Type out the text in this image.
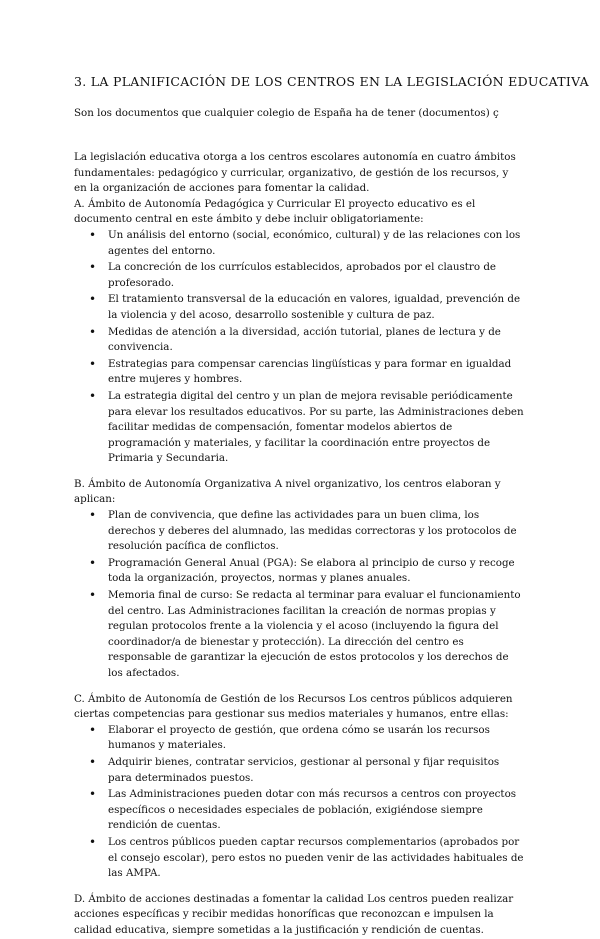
3. LA PLANIFICACIÓN DE LOS CENTROS EN LA LEGISLACIÓN EDUCATIVA

Son los documentos que cualquier colegio de España ha de tener (documentos) ç

La legislación educativa otorga a los centros escolares autonomía en cuatro ámbitos fundamentales: pedagógico y curricular, organizativo, de gestión de los recursos, y en la organización de acciones para fomentar la calidad.

A. Ámbito de Autonomía Pedagógica y Curricular El proyecto educativo es el documento central en este ámbito y debe incluir obligatoriamente:

• Un análisis del entorno (social, económico, cultural) y de las relaciones con los agentes del entorno.
• La concreción de los currículos establecidos, aprobados por el claustro de profesorado.
• El tratamiento transversal de la educación en valores, igualdad, prevención de la violencia y del acoso, desarrollo sostenible y cultura de paz.
• Medidas de atención a la diversidad, acción tutorial, planes de lectura y de convivencia.
• Estrategias para compensar carencias lingüísticas y para formar en igualdad entre mujeres y hombres.
• La estrategia digital del centro y un plan de mejora revisable periódicamente para elevar los resultados educativos. Por su parte, las Administraciones deben facilitar medidas de compensación, fomentar modelos abiertos de programación y materiales, y facilitar la coordinación entre proyectos de Primaria y Secundaria.

B. Ámbito de Autonomía Organizativa A nivel organizativo, los centros elaboran y aplican:

• Plan de convivencia, que define las actividades para un buen clima, los derechos y deberes del alumnado, las medidas correctoras y los protocolos de resolución pacífica de conflictos.
• Programación General Anual (PGA): Se elabora al principio de curso y recoge toda la organización, proyectos, normas y planes anuales.
• Memoria final de curso: Se redacta al terminar para evaluar el funcionamiento del centro. Las Administraciones facilitan la creación de normas propias y regulan protocolos frente a la violencia y el acoso (incluyendo la figura del coordinador/a de bienestar y protección). La dirección del centro es responsable de garantizar la ejecución de estos protocolos y los derechos de los afectados.

C. Ámbito de Autonomía de Gestión de los Recursos Los centros públicos adquieren ciertas competencias para gestionar sus medios materiales y humanos, entre ellas:

• Elaborar el proyecto de gestión, que ordena cómo se usarán los recursos humanos y materiales.
• Adquirir bienes, contratar servicios, gestionar al personal y fijar requisitos para determinados puestos.
• Las Administraciones pueden dotar con más recursos a centros con proyectos específicos o necesidades especiales de población, exigiéndose siempre rendición de cuentas.
• Los centros públicos pueden captar recursos complementarios (aprobados por el consejo escolar), pero estos no pueden venir de las actividades habituales de las AMPA.

D. Ámbito de acciones destinadas a fomentar la calidad Los centros pueden realizar acciones específicas y recibir medidas honoríficas que reconozcan e impulsen la calidad educativa, siempre sometidas a la justificación y rendición de cuentas.
